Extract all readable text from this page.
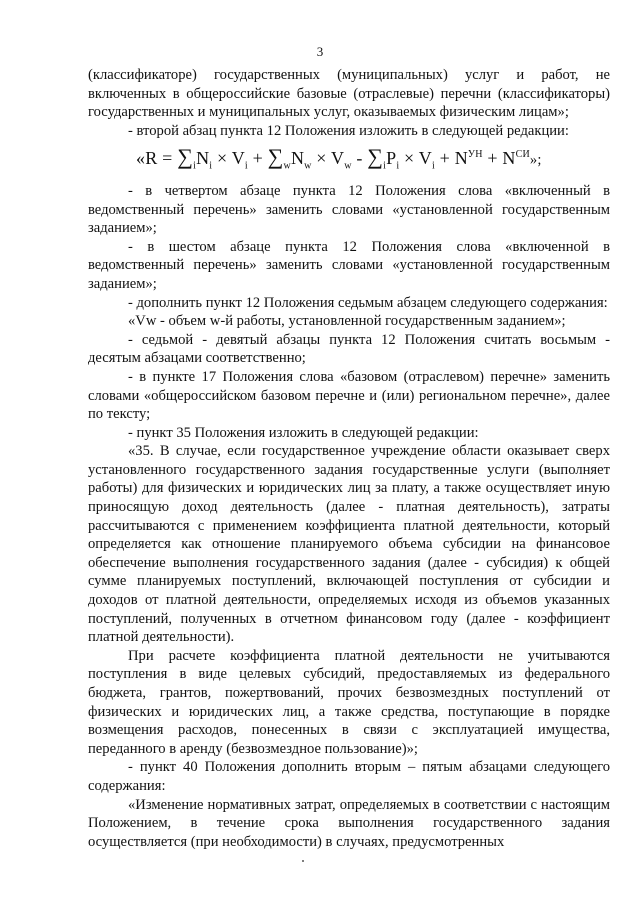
3

(классификаторе) государственных (муниципальных) услуг и работ, не включенных в общероссийские базовые (отраслевые) перечни (классификаторы) государственных и муниципальных услуг, оказываемых физическим лицам»;

- второй абзац пункта 12 Положения изложить в следующей редакции:

«$R = \sum_iN_i \times V_i + \sum_wN_w \times V_w - \sum_iP_i \times V_i + N^{УН} + N^{СИ}$»;

- в четвертом абзаце пункта 12 Положения слова «включенный в ведомственный перечень» заменить словами «установленной государственным заданием»;

- в шестом абзаце пункта 12 Положения слова «включенной в ведомственный перечень» заменить словами «установленной государственным заданием»;

- дополнить пункт 12 Положения седьмым абзацем следующего содержания:

«Vw - объем w-й работы, установленной государственным заданием»;

- седьмой - девятый абзацы пункта 12 Положения считать восьмым - десятым абзацами соответственно;

- в пункте 17 Положения слова «базовом (отраслевом) перечне» заменить словами «общероссийском базовом перечне и (или) региональном перечне», далее по тексту;

- пункт 35 Положения изложить в следующей редакции:

«35. В случае, если государственное учреждение области оказывает сверх установленного государственного задания государственные услуги (выполняет работы) для физических и юридических лиц за плату, а также осуществляет иную приносящую доход деятельность (далее - платная деятельность), затраты рассчитываются с применением коэффициента платной деятельности, который определяется как отношение планируемого объема субсидии на финансовое обеспечение выполнения государственного задания (далее - субсидия) к общей сумме планируемых поступлений, включающей поступления от субсидии и доходов от платной деятельности, определяемых исходя из объемов указанных поступлений, полученных в отчетном финансовом году (далее - коэффициент платной деятельности).

При расчете коэффициента платной деятельности не учитываются поступления в виде целевых субсидий, предоставляемых из федерального бюджета, грантов, пожертвований, прочих безвозмездных поступлений от физических и юридических лиц, а также средства, поступающие в порядке возмещения расходов, понесенных в связи с эксплуатацией имущества, переданного в аренду (безвозмездное пользование)»;

- пункт 40 Положения дополнить вторым – пятым абзацами следующего содержания:

«Изменение нормативных затрат, определяемых в соответствии с настоящим Положением, в течение срока выполнения государственного задания осуществляется (при необходимости) в случаях, предусмотренных
